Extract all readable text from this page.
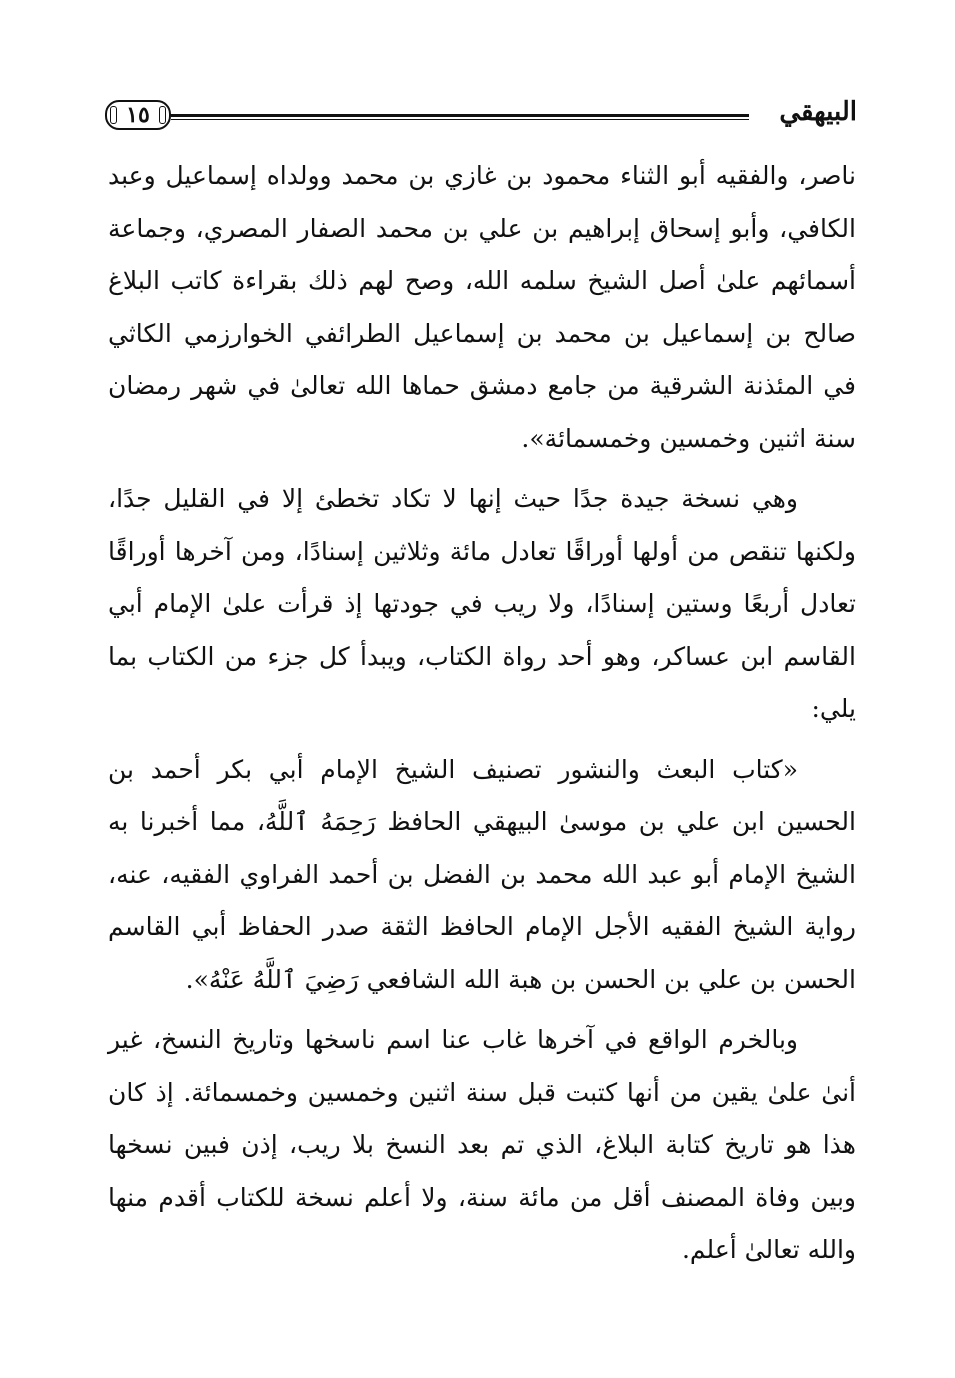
البيهقي
١٥

ناصر، والفقيه أبو الثناء محمود بن غازي بن محمد وولداه إسماعيل وعبد الكافي، وأبو إسحاق إبراهيم بن علي بن محمد الصفار المصري، وجماعة أسمائهم علىٰ أصل الشيخ سلمه الله، وصح لهم ذلك بقراءة كاتب البلاغ صالح بن إسماعيل بن محمد بن إسماعيل الطرائفي الخوارزمي الكاثي في المئذنة الشرقية من جامع دمشق حماها الله تعالىٰ في شهر رمضان سنة اثنين وخمسين وخمسمائة».

وهي نسخة جيدة جدًا حيث إنها لا تكاد تخطئ إلا في القليل جدًا، ولكنها تنقص من أولها أوراقًا تعادل مائة وثلاثين إسنادًا، ومن آخرها أوراقًا تعادل أربعًا وستين إسنادًا، ولا ريب في جودتها إذ قرأت علىٰ الإمام أبي القاسم ابن عساكر، وهو أحد رواة الكتاب، ويبدأ كل جزء من الكتاب بما يلي:

«كتاب البعث والنشور تصنيف الشيخ الإمام أبي بكر أحمد بن الحسين ابن علي بن موسىٰ البيهقي الحافظ رَحِمَهُ ٱللَّهُ، مما أخبرنا به الشيخ الإمام أبو عبد الله محمد بن الفضل بن أحمد الفراوي الفقيه، عنه، رواية الشيخ الفقيه الأجل الإمام الحافظ الثقة صدر الحفاظ أبي القاسم الحسن بن علي بن الحسن بن هبة الله الشافعي رَضِيَ ٱللَّهُ عَنْهُ».

وبالخرم الواقع في آخرها غاب عنا اسم ناسخها وتاريخ النسخ، غير أنىٰ علىٰ يقين من أنها كتبت قبل سنة اثنين وخمسين وخمسمائة. إذ كان هذا هو تاريخ كتابة البلاغ، الذي تم بعد النسخ بلا ريب، إذن فبين نسخها وبين وفاة المصنف أقل من مائة سنة، ولا أعلم نسخة للكتاب أقدم منها والله تعالىٰ أعلم.
